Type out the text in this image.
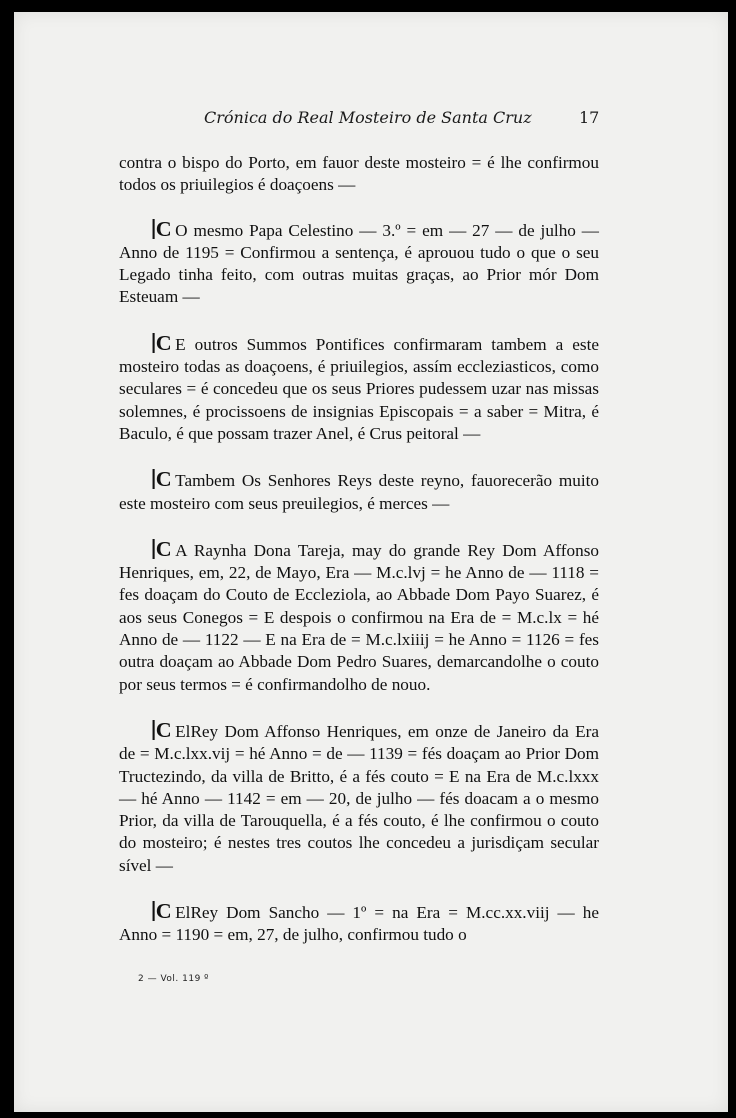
Crónica do Real Mosteiro de Santa Cruz	17

contra o bispo do Porto, em fauor deste mosteiro = é lhe confirmou todos os priuilegios é doaçoens —

C O mesmo Papa Celestino — 3.º = em — 27 — de julho — Anno de 1195 = Confirmou a sentença, é aprouou tudo o que o seu Legado tinha feito, com outras muitas graças, ao Prior mór Dom Esteuam —

C E outros Summos Pontifices confirmaram tambem a este mosteiro todas as doaçoens, é priuilegios, assím eccleziasticos, como seculares = é concedeu que os seus Priores pudessem uzar nas missas solemnes, é procissoens de insignias Episcopais = a saber = Mitra, é Baculo, é que possam trazer Anel, é Crus peitoral —

C Tambem Os Senhores Reys deste reyno, fauorecerão muito este mosteiro com seus preuilegios, é merces —

C A Raynha Dona Tareja, may do grande Rey Dom Affonso Henriques, em, 22, de Mayo, Era — M.c.lvj = he Anno de — 1118 = fes doaçam do Couto de Eccleziola, ao Abbade Dom Payo Suarez, é aos seus Conegos = E despois o confirmou na Era de = M.c.lx = hé Anno de — 1122 — E na Era de = M.c.lxiiij = he Anno = 1126 = fes outra doaçam ao Abbade Dom Pedro Suares, demarcandolhe o couto por seus termos = é confirmandolho de nouo.

C ElRey Dom Affonso Henriques, em onze de Janeiro da Era de = M.c.lxx.vij = hé Anno = de — 1139 = fés doaçam ao Prior Dom Tructezindo, da villa de Britto, é a fés couto = E na Era de M.c.lxxx — hé Anno — 1142 = em — 20, de julho — fés doacam a o mesmo Prior, da villa de Tarouquella, é a fés couto, é lhe confirmou o couto do mosteiro; é nestes tres coutos lhe concedeu a jurisdiçam secular sível —

C ElRey Dom Sancho — 1º = na Era = M.cc.xx.viij — he Anno = 1190 = em, 27, de julho, confirmou tudo o

2 — Vol. 119 º
